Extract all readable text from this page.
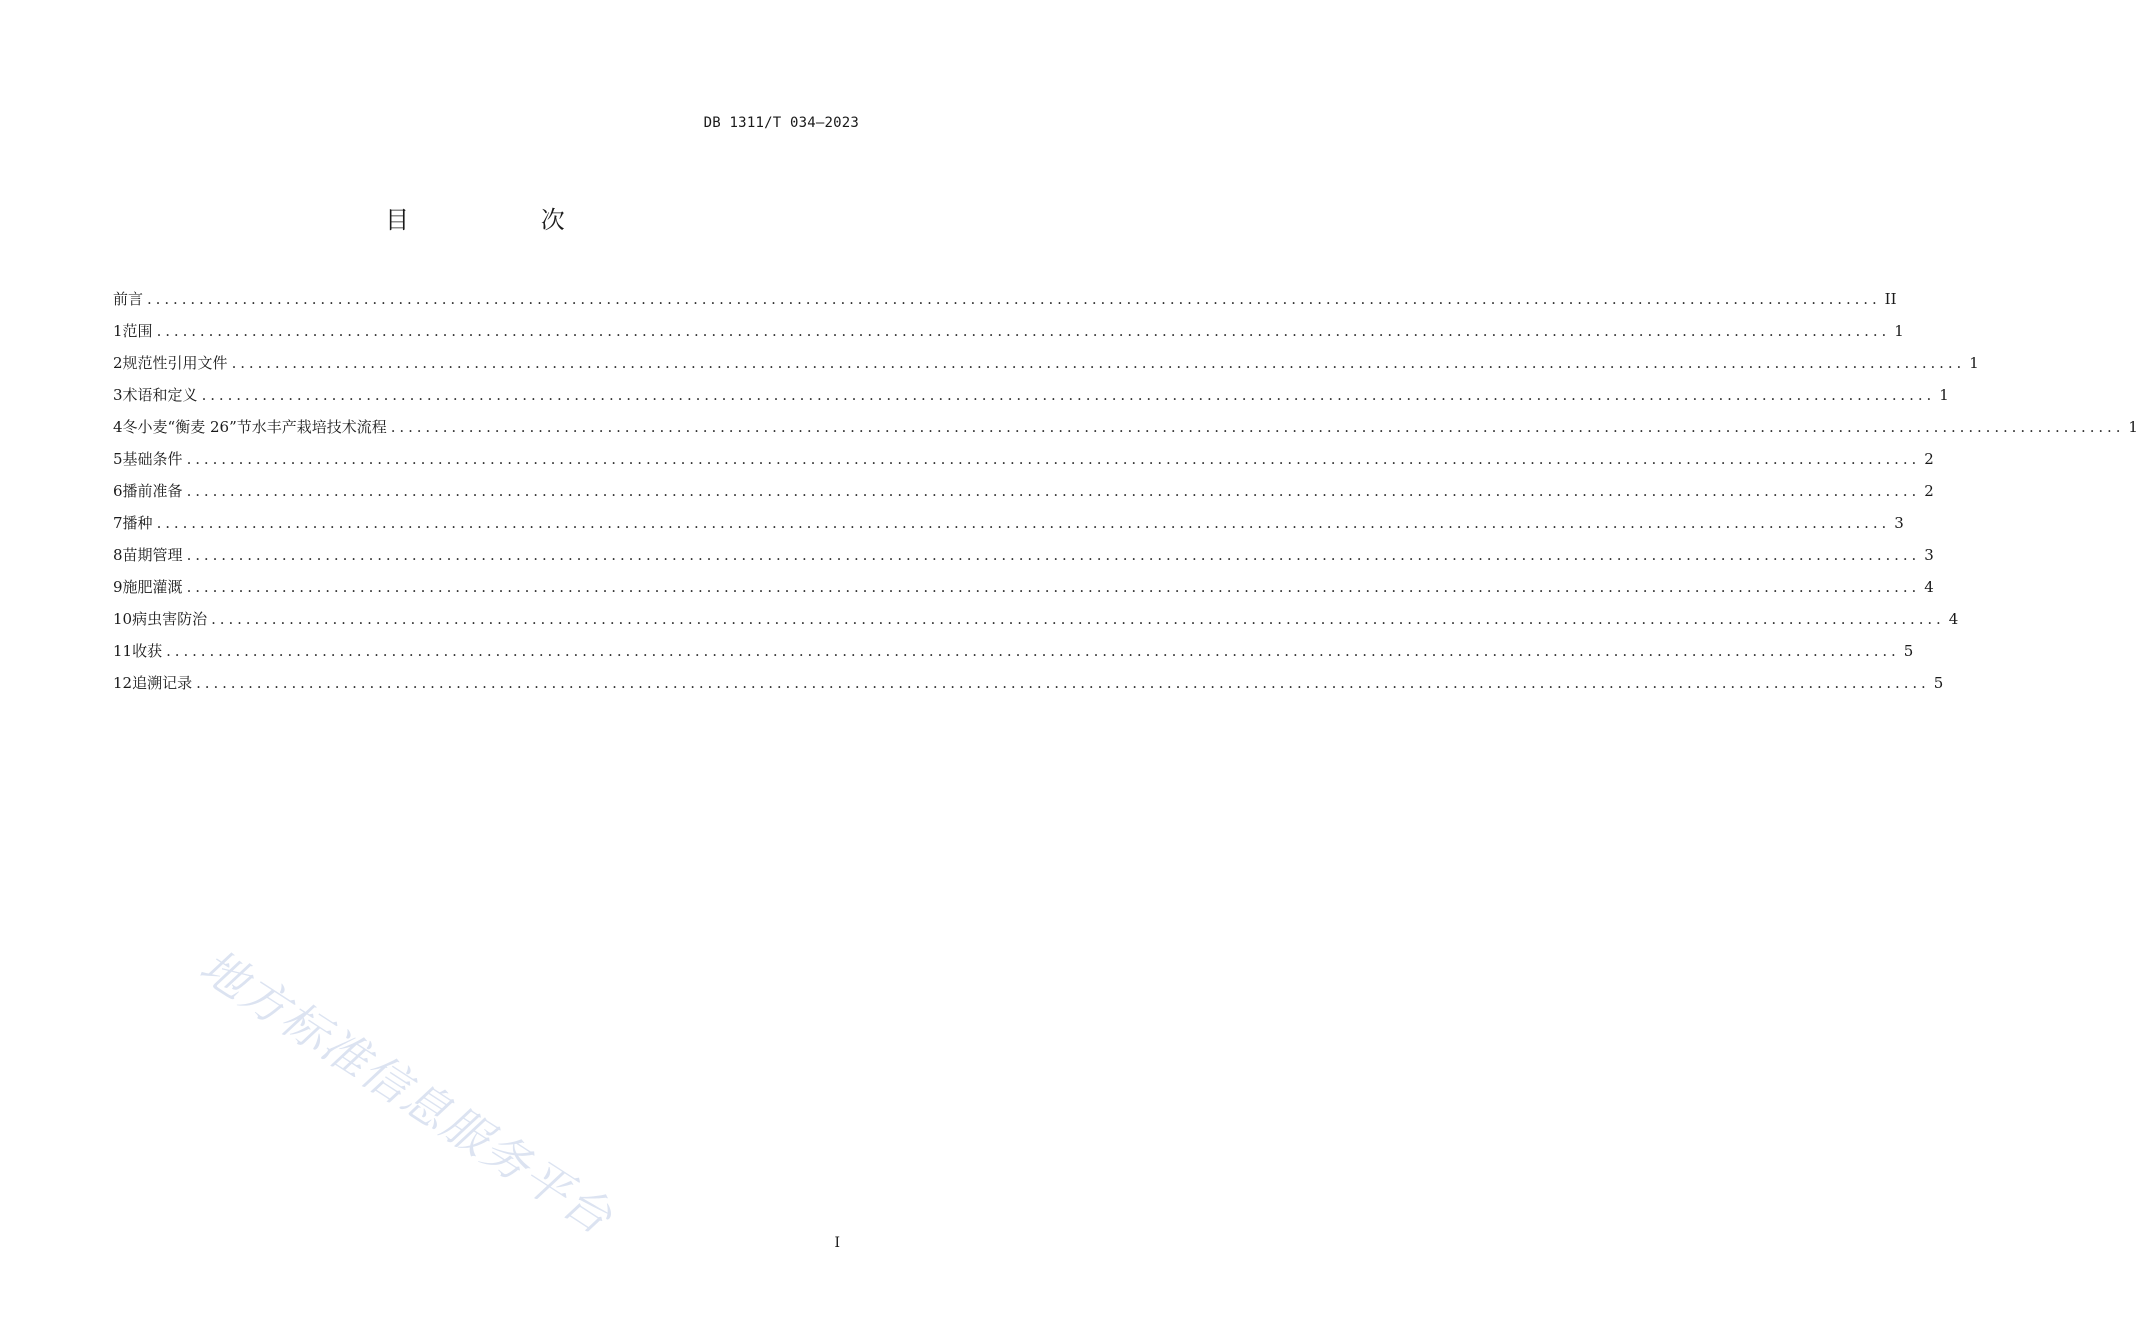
DB 1311/T 034—2023
目 次
前言 ........................................................................................................................................................................................................ II
1 范围 ........................................................................................................................................................................................................ 1
2 规范性引用文件 ........................................................................................................................................................................................................ 1
3 术语和定义 ........................................................................................................................................................................................................ 1
4 冬小麦“衡麦 26”节水丰产栽培技术流程 ........................................................................................................................................................................................................ 1
5 基础条件 ........................................................................................................................................................................................................ 2
6 播前准备 ........................................................................................................................................................................................................ 2
7 播种 ........................................................................................................................................................................................................ 3
8 苗期管理 ........................................................................................................................................................................................................ 3
9 施肥灌溉 ........................................................................................................................................................................................................ 4
10 病虫害防治 ........................................................................................................................................................................................................ 4
11 收获 ........................................................................................................................................................................................................ 5
12 追溯记录 ........................................................................................................................................................................................................ 5
地方标准信息服务平台	I
